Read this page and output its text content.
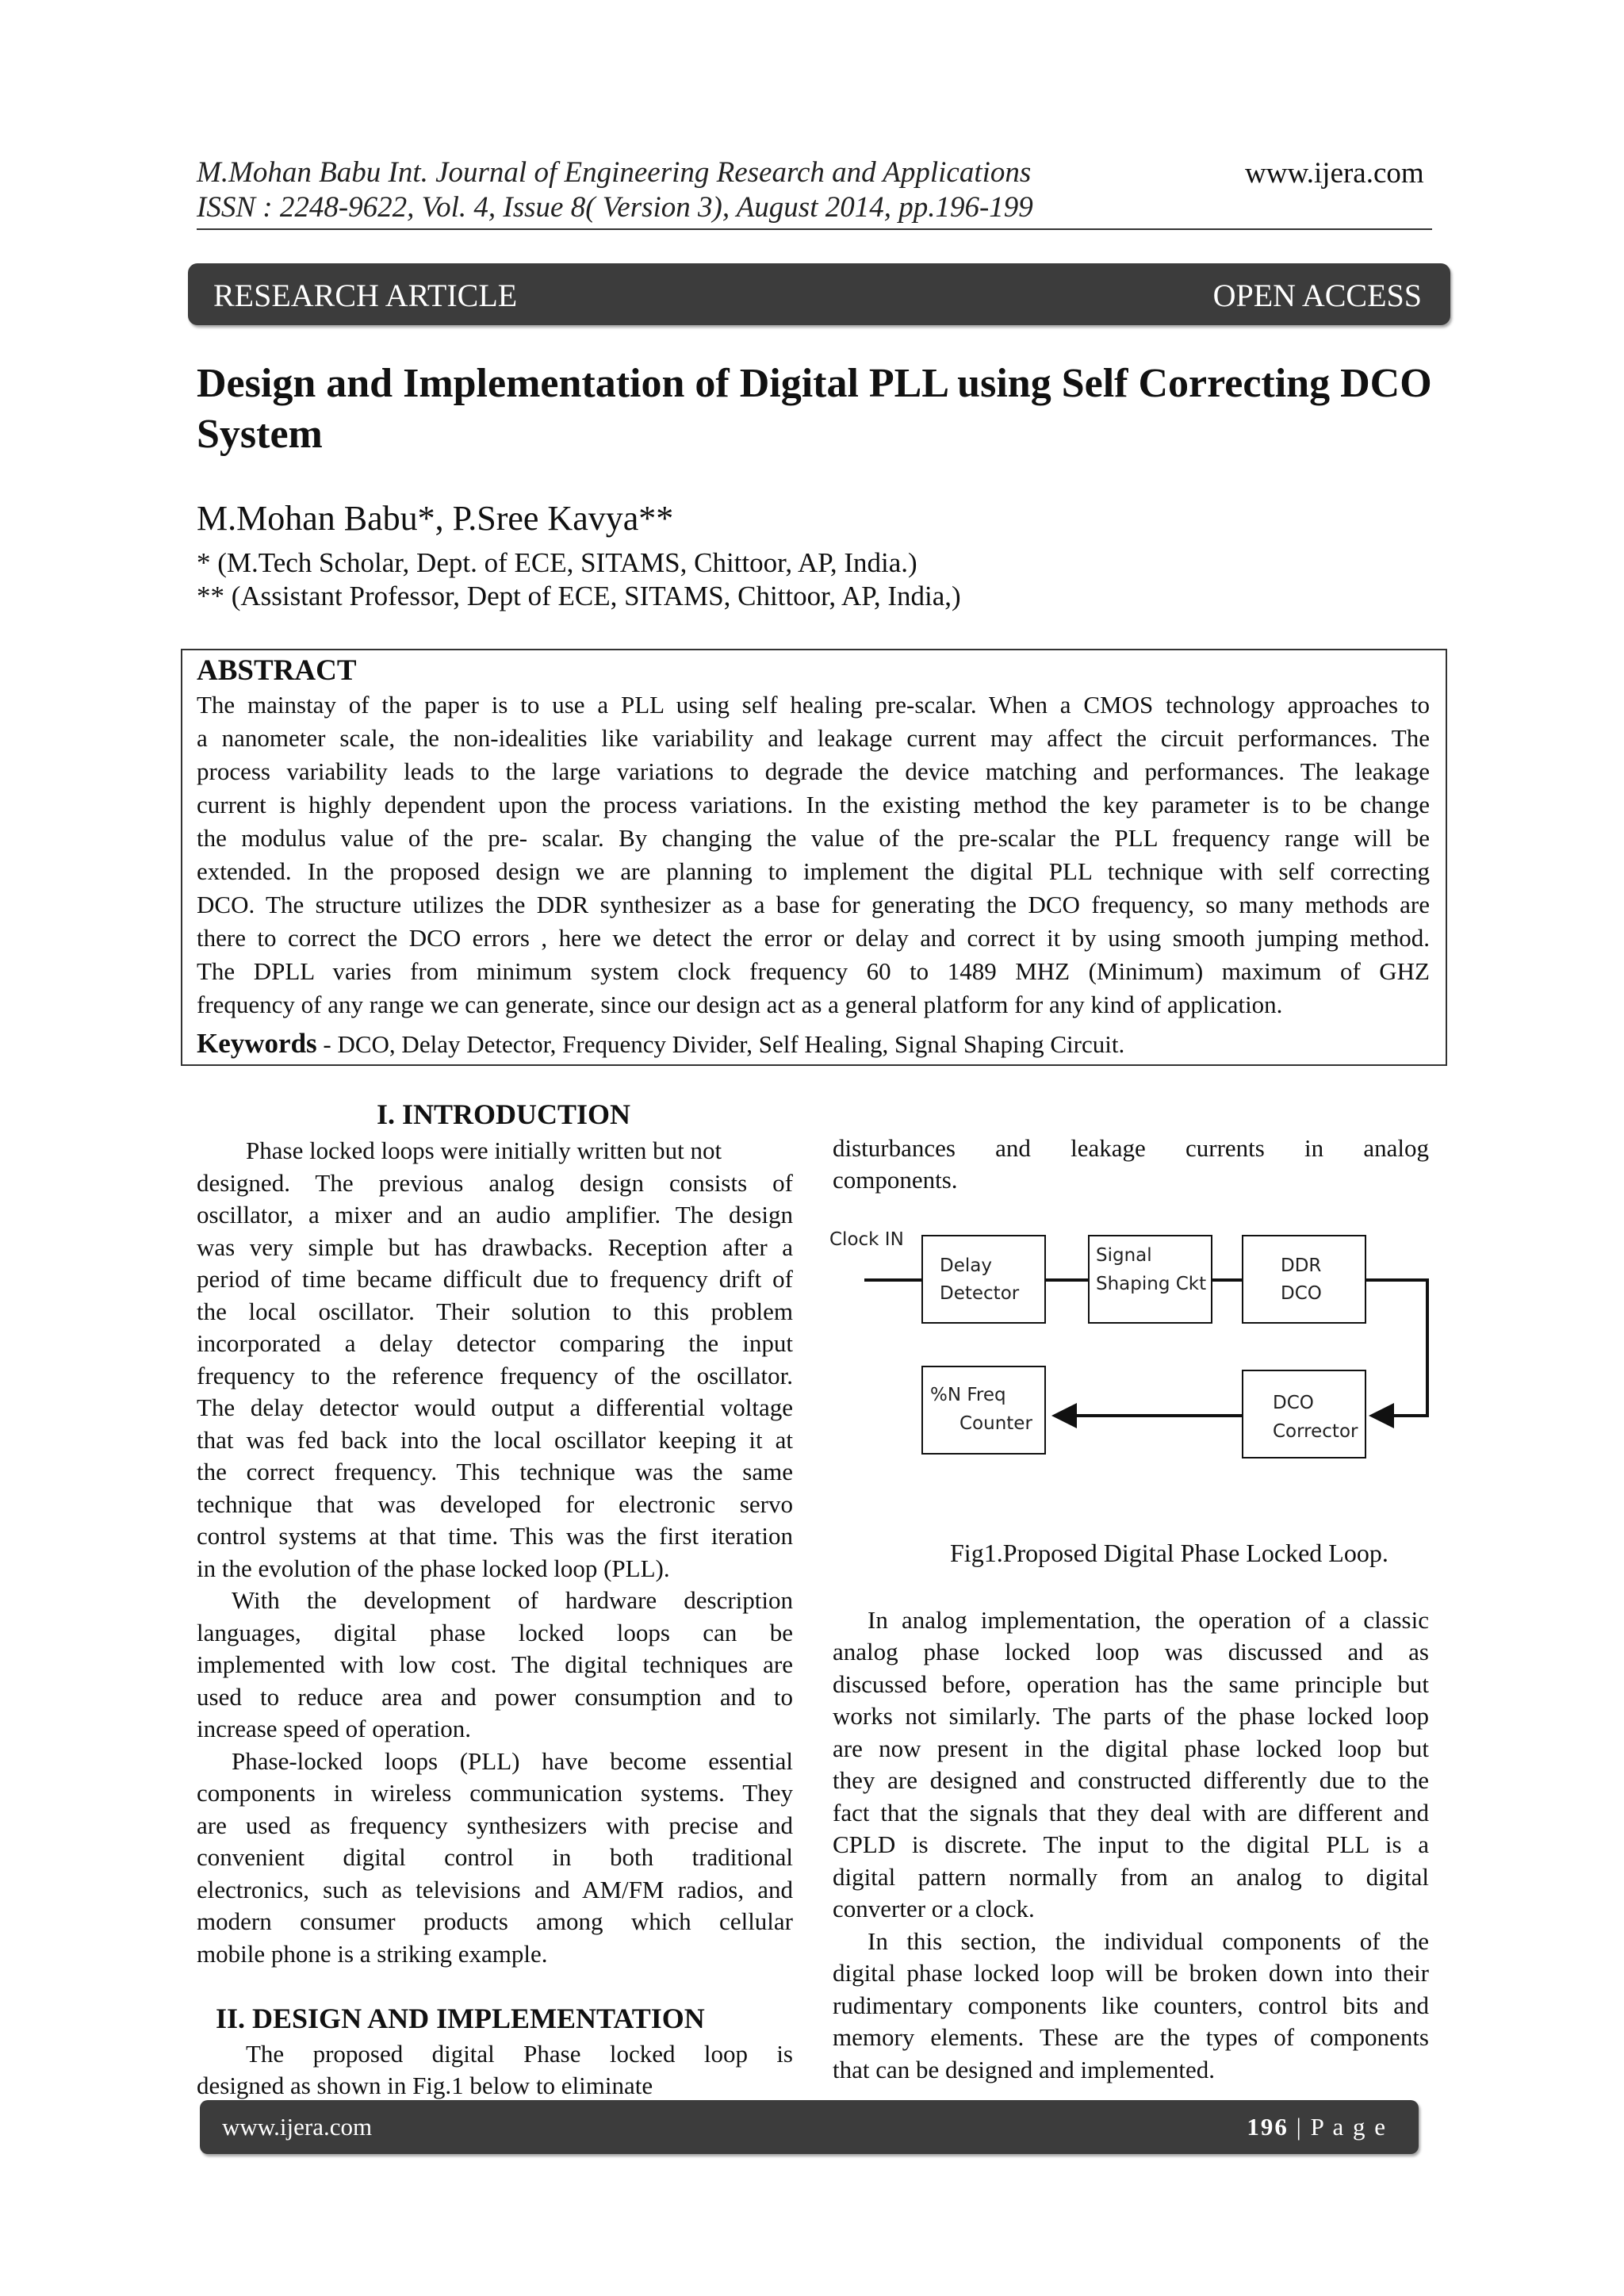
M.Mohan Babu Int. Journal of Engineering Research and Applications
ISSN : 2248-9622, Vol. 4, Issue 8( Version 3), August 2014, pp.196-199
www.ijera.com
RESEARCH ARTICLE	OPEN ACCESS
Design and Implementation of Digital PLL using Self Correcting DCO System
M.Mohan Babu*, P.Sree Kavya**
* (M.Tech Scholar, Dept. of ECE, SITAMS, Chittoor, AP, India.)
** (Assistant Professor, Dept of ECE, SITAMS, Chittoor, AP, India,)
ABSTRACT
The mainstay of the paper is to use a PLL using self healing pre-scalar. When a CMOS technology approaches to
a nanometer scale, the non-idealities like variability and leakage current may affect the circuit performances. The
process variability leads to the large variations to degrade the device matching and performances. The leakage
current is highly dependent upon the process variations. In the existing method the key parameter is to be change
the modulus value of the pre- scalar. By changing the value of the pre-scalar the PLL frequency range will be
extended. In the proposed design we are planning to implement the digital PLL technique with self correcting
DCO. The structure utilizes the DDR synthesizer as a base for generating the DCO frequency, so many methods are
there to correct the DCO errors , here we detect the error or delay and correct it by using smooth jumping method.
The DPLL varies from minimum system clock frequency 60 to 1489 MHZ (Minimum) maximum of GHZ
frequency of any range we can generate, since our design act as a general platform for any kind of application.
Keywords - DCO, Delay Detector, Frequency Divider, Self Healing, Signal Shaping Circuit.
I. INTRODUCTION
Phase locked loops were initially written but not
designed. The previous analog design consists of
oscillator, a mixer and an audio amplifier. The design
was very simple but has drawbacks. Reception after a
period of time became difficult due to frequency drift of
the local oscillator. Their solution to this problem
incorporated a delay detector comparing the input
frequency to the reference frequency of the oscillator.
The delay detector would output a differential voltage
that was fed back into the local oscillator keeping it at
the correct frequency. This technique was the same
technique that was developed for electronic servo
control systems at that time. This was the first iteration
in the evolution of the phase locked loop (PLL).
With the development of hardware description
languages, digital phase locked loops can be
implemented with low cost. The digital techniques are
used to reduce area and power consumption and to
increase speed of operation.
Phase-locked loops (PLL) have become essential
components in wireless communication systems. They
are used as frequency synthesizers with precise and
convenient digital control in both traditional
electronics, such as televisions and AM/FM radios, and
modern consumer products among which cellular
mobile phone is a striking example.
II. DESIGN AND IMPLEMENTATION
The proposed digital Phase locked loop is
designed as shown in Fig.1 below to eliminate
disturbances and leakage currents in analog
components.
Clock IN
Delay
Detector
Signal
Shaping Ckt
DDR
DCO
DCO
Corrector
%N Freq
Counter
Fig1.Proposed Digital Phase Locked Loop.
In analog implementation, the operation of a classic
analog phase locked loop was discussed and as
discussed before, operation has the same principle but
works not similarly. The parts of the phase locked loop
are now present in the digital phase locked loop but
they are designed and constructed differently due to the
fact that the signals that they deal with are different and
CPLD is discrete. The input to the digital PLL is a
digital pattern normally from an analog to digital
converter or a clock.
In this section, the individual components of the
digital phase locked loop will be broken down into their
rudimentary components like counters, control bits and
memory elements. These are the types of components
that can be designed and implemented.
www.ijera.com	196 | P a g e
